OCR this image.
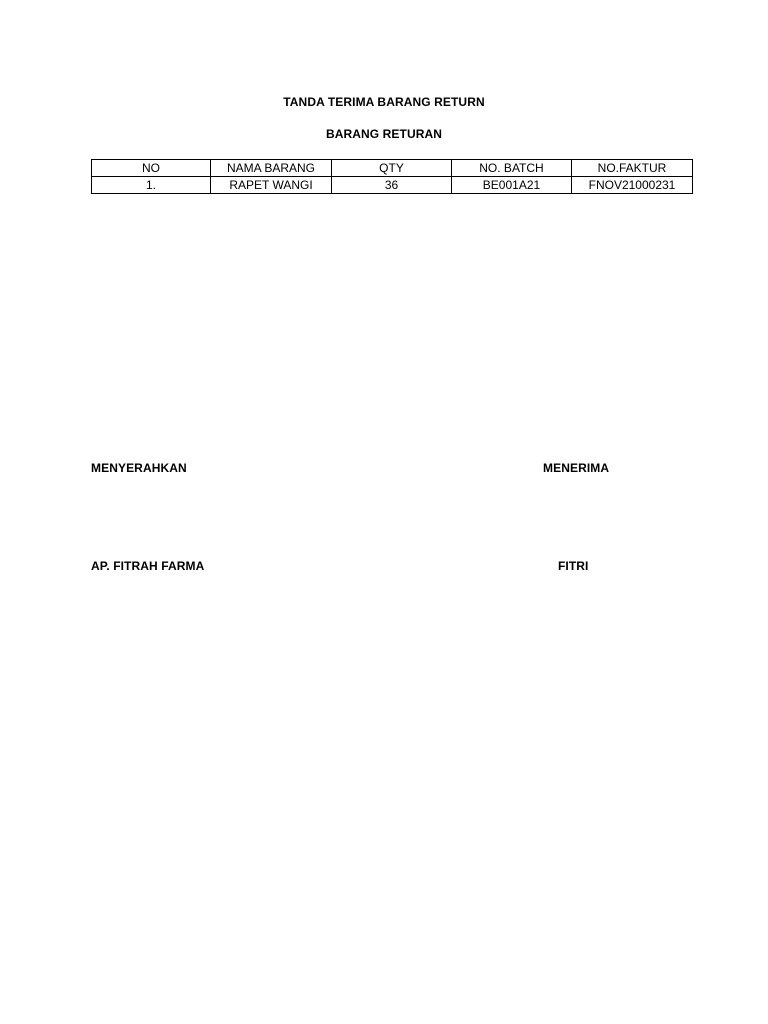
TANDA TERIMA BARANG RETURN
BARANG RETURAN
NO	NAMA BARANG	QTY	NO. BATCH	NO.FAKTUR
1.	RAPET WANGI	36	BE001A21	FNOV21000231
MENYERAHKAN	MENERIMA
AP. FITRAH FARMA	FITRI
